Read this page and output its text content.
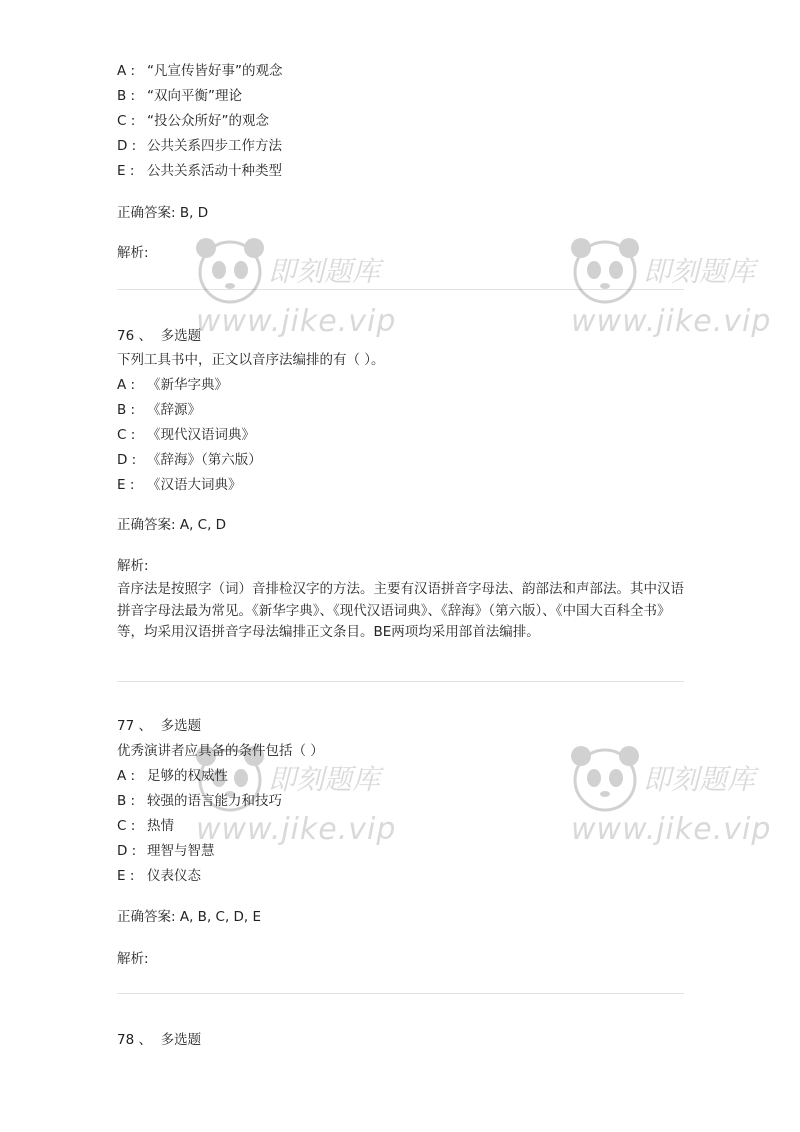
A : “凡宣传皆好事”的观念
B : “双向平衡”理论
C : “投公众所好”的观念
D : 公共关系四步工作方法
E : 公共关系活动十种类型
正确答案: B, D
解析:
76 、 多选题
下列工具书中，正文以音序法编排的有（ ）。
A : 《新华字典》
B : 《辞源》
C : 《现代汉语词典》
D : 《辞海》（第六版）
E : 《汉语大词典》
正确答案: A, C, D
解析:
音序法是按照字（词）音排检汉字的方法。主要有汉语拼音字母法、韵部法和声部法。其中汉语拼音字母法最为常见。《新华字典》、《现代汉语词典》、《辞海》（第六版）、《中国大百科全书》等，均采用汉语拼音字母法编排正文条目。BE两项均采用部首法编排。
77 、 多选题
优秀演讲者应具备的条件包括（ ）
A : 足够的权威性
B : 较强的语言能力和技巧
C : 热情
D : 理智与智慧
E : 仪表仪态
正确答案: A, B, C, D, E
解析:
78 、 多选题
即刻题库
www.jike.vip
即刻题库
www.jike.vip
即刻题库
www.jike.vip
即刻题库
www.jike.vip
